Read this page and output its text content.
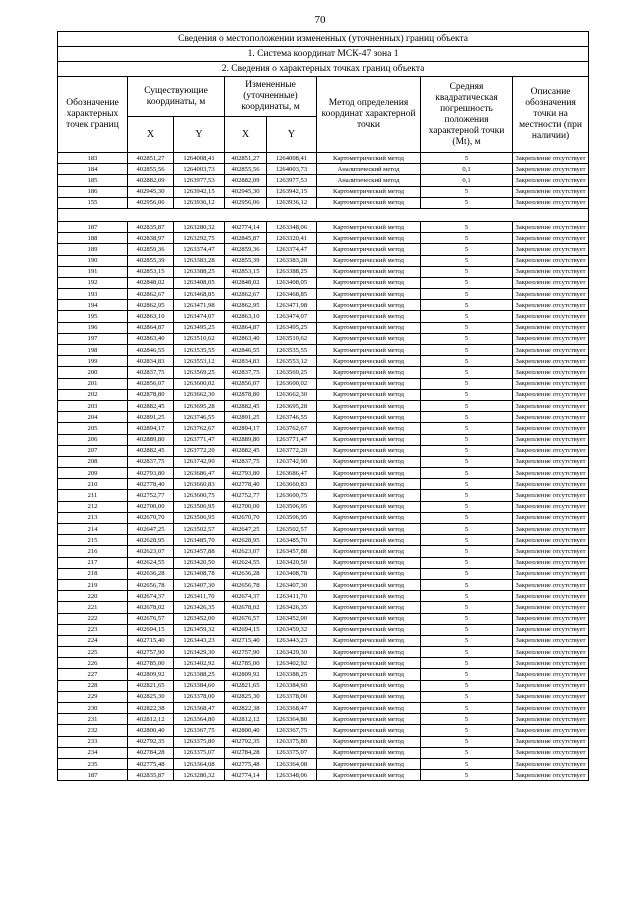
70
Сведения о местоположении измененных (уточненных) границ объекта							
1. Система координат МСК-47 зона 1							
2. Сведения о характерных точках границ объекта							
Обозначение характерных точек границ	Существующие координаты, м		Измененные (уточненные) координаты, м		Метод определения координат характерной точки	Средняя квадратическая погрешность положения характерной точки (Mt), м	Описание обозначения точки на местности (при наличии)
	X	Y	X	Y			
183	402851,27	1264008,41	402851,27	1264008,41	Картометрический метод	5	Закрепление отсутствует
184	402855,56	1264003,73	402855,56	1264003,73	Аналитический метод	0,1	Закрепление отсутствует
185	402882,09	1263977,53	402882,09	1263977,53	Аналитический метод	0,1	Закрепление отсутствует
186	402945,30	1263942,15	402945,30	1263942,15	Картометрический метод	5	Закрепление отсутствует
155	402956,06	1263936,12	402956,06	1263936,12	Картометрический метод	5	Закрепление отсутствует

187	402835,87	1263280,32	402774,14	1263348,06	Картометрический метод	5	Закрепление отсутствует
188	402838,97	1263292,75	402845,87	1263320,41	Картометрический метод	5	Закрепление отсутствует
189	402859,36	1263374,47	402859,36	1263374,47	Картометрический метод	5	Закрепление отсутствует
190	402855,39	1263383,28	402855,39	1263383,28	Картометрический метод	5	Закрепление отсутствует
191	402853,15	1263388,25	402853,15	1263388,25	Картометрический метод	5	Закрепление отсутствует
192	402848,02	1263408,05	402848,02	1263408,05	Картометрический метод	5	Закрепление отсутствует
193	402862,67	1263468,85	402862,67	1263468,85	Картометрический метод	5	Закрепление отсутствует
194	402862,95	1263471,98	402862,95	1263471,98	Картометрический метод	5	Закрепление отсутствует
195	402863,10	1263474,07	402863,10	1263474,07	Картометрический метод	5	Закрепление отсутствует
196	402864,87	1263495,25	402864,87	1263495,25	Картометрический метод	5	Закрепление отсутствует
197	402863,40	1263510,62	402863,40	1263510,62	Картометрический метод	5	Закрепление отсутствует
198	402846,55	1263535,55	402846,55	1263535,55	Картометрический метод	5	Закрепление отсутствует
199	402834,83	1263553,12	402834,83	1263553,12	Картометрический метод	5	Закрепление отсутствует
200	402837,75	1263569,25	402837,75	1263569,25	Картометрический метод	5	Закрепление отсутствует
201	402856,07	1263600,02	402856,07	1263600,02	Картометрический метод	5	Закрепление отсутствует
202	402878,80	1263662,30	402878,80	1263662,30	Картометрический метод	5	Закрепление отсутствует
203	402882,45	1263695,28	402882,45	1263695,28	Картометрический метод	5	Закрепление отсутствует
204	402891,25	1263746,55	402891,25	1263746,55	Картометрический метод	5	Закрепление отсутствует
205	402894,17	1263762,67	402894,17	1263762,67	Картометрический метод	5	Закрепление отсутствует
206	402889,80	1263771,47	402889,80	1263771,47	Картометрический метод	5	Закрепление отсутствует
207	402882,45	1263772,20	402882,45	1263772,20	Картометрический метод	5	Закрепление отсутствует
208	402837,75	1263742,90	402837,75	1263742,90	Картометрический метод	5	Закрепление отсутствует
209	402793,80	1263686,47	402793,80	1263686,47	Картометрический метод	5	Закрепление отсутствует
210	402778,40	1263660,83	402778,40	1263660,83	Картометрический метод	5	Закрепление отсутствует
211	402752,77	1263600,75	402752,77	1263600,75	Картометрический метод	5	Закрепление отсутствует
212	402700,00	1263506,95	402700,00	1263506,95	Картометрический метод	5	Закрепление отсутствует
213	402670,70	1263506,95	402670,70	1263506,95	Картометрический метод	5	Закрепление отсутствует
214	402647,25	1263502,57	402647,25	1263502,57	Картометрический метод	5	Закрепление отсутствует
215	402628,95	1263485,70	402628,95	1263485,70	Картометрический метод	5	Закрепление отсутствует
216	402623,07	1263457,88	402623,07	1263457,88	Картометрический метод	5	Закрепление отсутствует
217	402624,55	1263420,50	402624,55	1263420,50	Картометрический метод	5	Закрепление отсутствует
218	402636,28	1263408,78	402636,28	1263408,78	Картометрический метод	5	Закрепление отсутствует
219	402656,78	1263407,30	402656,78	1263407,30	Картометрический метод	5	Закрепление отсутствует
220	402674,37	1263411,70	402674,37	1263411,70	Картометрический метод	5	Закрепление отсутствует
221	402678,02	1263426,35	402678,02	1263426,35	Картометрический метод	5	Закрепление отсутствует
222	402676,57	1263452,00	402676,57	1263452,00	Картометрический метод	5	Закрепление отсутствует
223	402694,15	1263459,32	402694,15	1263459,32	Картометрический метод	5	Закрепление отсутствует
224	402715,40	1263443,23	402715,40	1263443,23	Картометрический метод	5	Закрепление отсутствует
225	402757,90	1263429,30	402757,90	1263429,30	Картометрический метод	5	Закрепление отсутствует
226	402785,00	1263402,92	402785,00	1263402,92	Картометрический метод	5	Закрепление отсутствует
227	402809,92	1263388,25	402809,92	1263388,25	Картометрический метод	5	Закрепление отсутствует
228	402821,65	1263384,60	402821,65	1263384,60	Картометрический метод	5	Закрепление отсутствует
229	402825,30	1263378,00	402825,30	1263378,00	Картометрический метод	5	Закрепление отсутствует
230	402822,38	1263368,47	402822,38	1263368,47	Картометрический метод	5	Закрепление отсутствует
231	402812,12	1263364,80	402812,12	1263364,80	Картометрический метод	5	Закрепление отсутствует
232	402800,40	1263367,75	402800,40	1263367,75	Картометрический метод	5	Закрепление отсутствует
233	402792,35	1263375,80	402792,35	1263375,80	Картометрический метод	5	Закрепление отсутствует
234	402784,28	1263375,07	402784,28	1263375,07	Картометрический метод	5	Закрепление отсутствует
235	402775,48	1263364,08	402775,48	1263364,08	Картометрический метод	5	Закрепление отсутствует
187	402835,87	1263280,32	402774,14	1263348,06	Картометрический метод	5	Закрепление отсутствует
